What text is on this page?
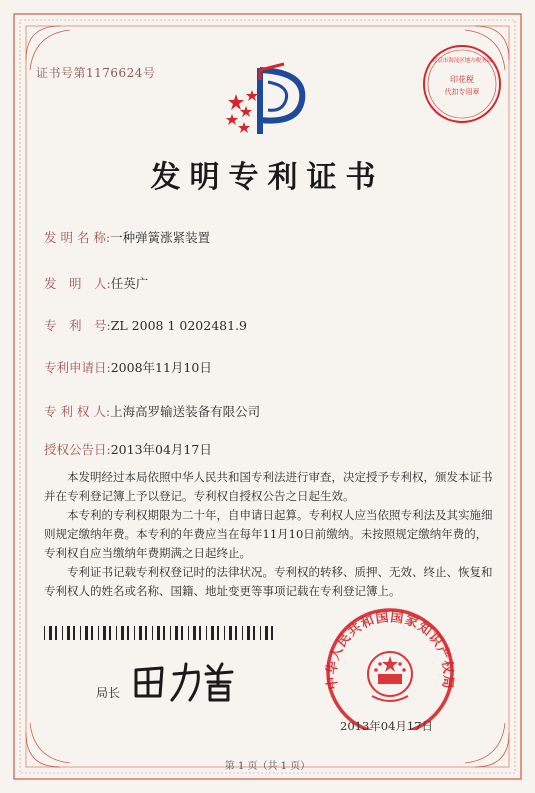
证书号第1176624号	印花税
代扣专用章
北京市海淀区地方税务局
发明专利证书
发 明 名 称:一种弹簧涨紧装置
发　明　人:任英广
专　利　号:ZL 2008 1 0202481.9
专利申请日:2008年11月10日
专 利 权 人:上海高罗输送装备有限公司
授权公告日:2013年04月17日

本发明经过本局依照中华人民共和国专利法进行审查，决定授予专利权，颁发本证书并在专利登记簿上予以登记。专利权自授权公告之日起生效。

本专利的专利权期限为二十年，自申请日起算。专利权人应当依照专利法及其实施细则规定缴纳年费。本专利的年费应当在每年11月10日前缴纳。未按照规定缴纳年费的，专利权自应当缴纳年费期满之日起终止。

专利证书记载专利权登记时的法律状况。专利权的转移、质押、无效、终止、恢复和专利权人的姓名或名称、国籍、地址变更等事项记载在专利登记簿上。

局长
中华人民共和国国家知识产权局
2013年04月17日
第 1 页（共 1 页）
